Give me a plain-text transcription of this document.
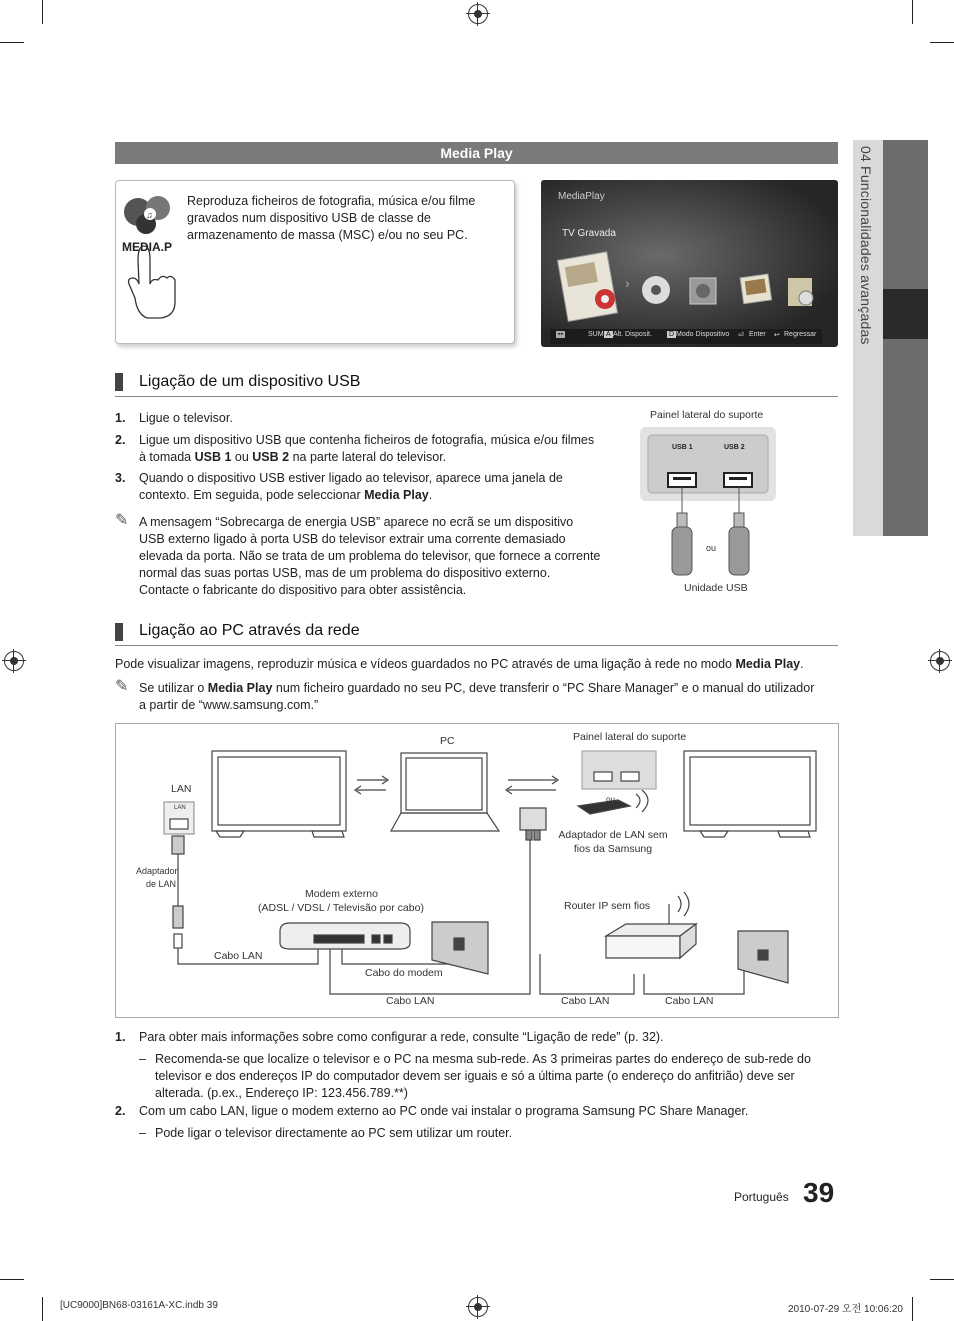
04 Funcionalidades avançadas
Media Play
♫
MEDIA.P
Reproduza ficheiros de fotografia, música e/ou filme gravados num dispositivo USB de classe de armazenamento de massa (MSC) e/ou no seu PC.
MediaPlay
TV Gravada
›
▪▪	SUM A Alt. Disposit. D Modo Dispositivo ⏎ Enter ↩ Regressar
Ligação de um dispositivo USB
1. Ligue o televisor.
2. Ligue um dispositivo USB que contenha ficheiros de fotografia, música e/ou filmes à tomada USB 1 ou USB 2 na parte lateral do televisor.
3. Quando o dispositivo USB estiver ligado ao televisor, aparece uma janela de contexto. Em seguida, pode seleccionar Media Play.
✎ A mensagem “Sobrecarga de energia USB” aparece no ecrã se um dispositivo USB externo ligado à porta USB do televisor extrair uma corrente demasiado elevada da porta. Não se trata de um problema do televisor, que fornece a corrente normal das suas portas USB, mas de um problema do dispositivo externo. Contacte o fabricante do dispositivo para obter assistência.
Painel lateral do suporte
USB 1	USB 2
ou
Unidade USB
Ligação ao PC através da rede
Pode visualizar imagens, reproduzir música e vídeos guardados no PC através de uma ligação à rede no modo Media Play.
✎ Se utilizar o Media Play num ficheiro guardado no seu PC, deve transferir o “PC Share Manager” e o manual do utilizador a partir de “www.samsung.com.”
PC
LAN
LAN
Painel lateral do suporte
ou
Adaptador de LAN sem fios da Samsung
Adaptador de LAN
Modem externo
(ADSL / VDSL / Televisão por cabo)	Router IP sem fios
Cabo LAN
Cabo do modem
Cabo LAN	Cabo LAN	Cabo LAN
1. Para obter mais informações sobre como configurar a rede, consulte “Ligação de rede” (p. 32).
– Recomenda-se que localize o televisor e o PC na mesma sub-rede. As 3 primeiras partes do endereço de sub-rede do televisor e dos endereços IP do computador devem ser iguais e só a última parte (o endereço do anfitrião) deve ser alterada. (p.ex., Endereço IP: 123.456.789.**)
2. Com um cabo LAN, ligue o modem externo ao PC onde vai instalar o programa Samsung PC Share Manager.
– Pode ligar o televisor directamente ao PC sem utilizar um router.
Português 39
[UC9000]BN68-03161A-XC.indb 39	2010-07-29 오전 10:06:20
